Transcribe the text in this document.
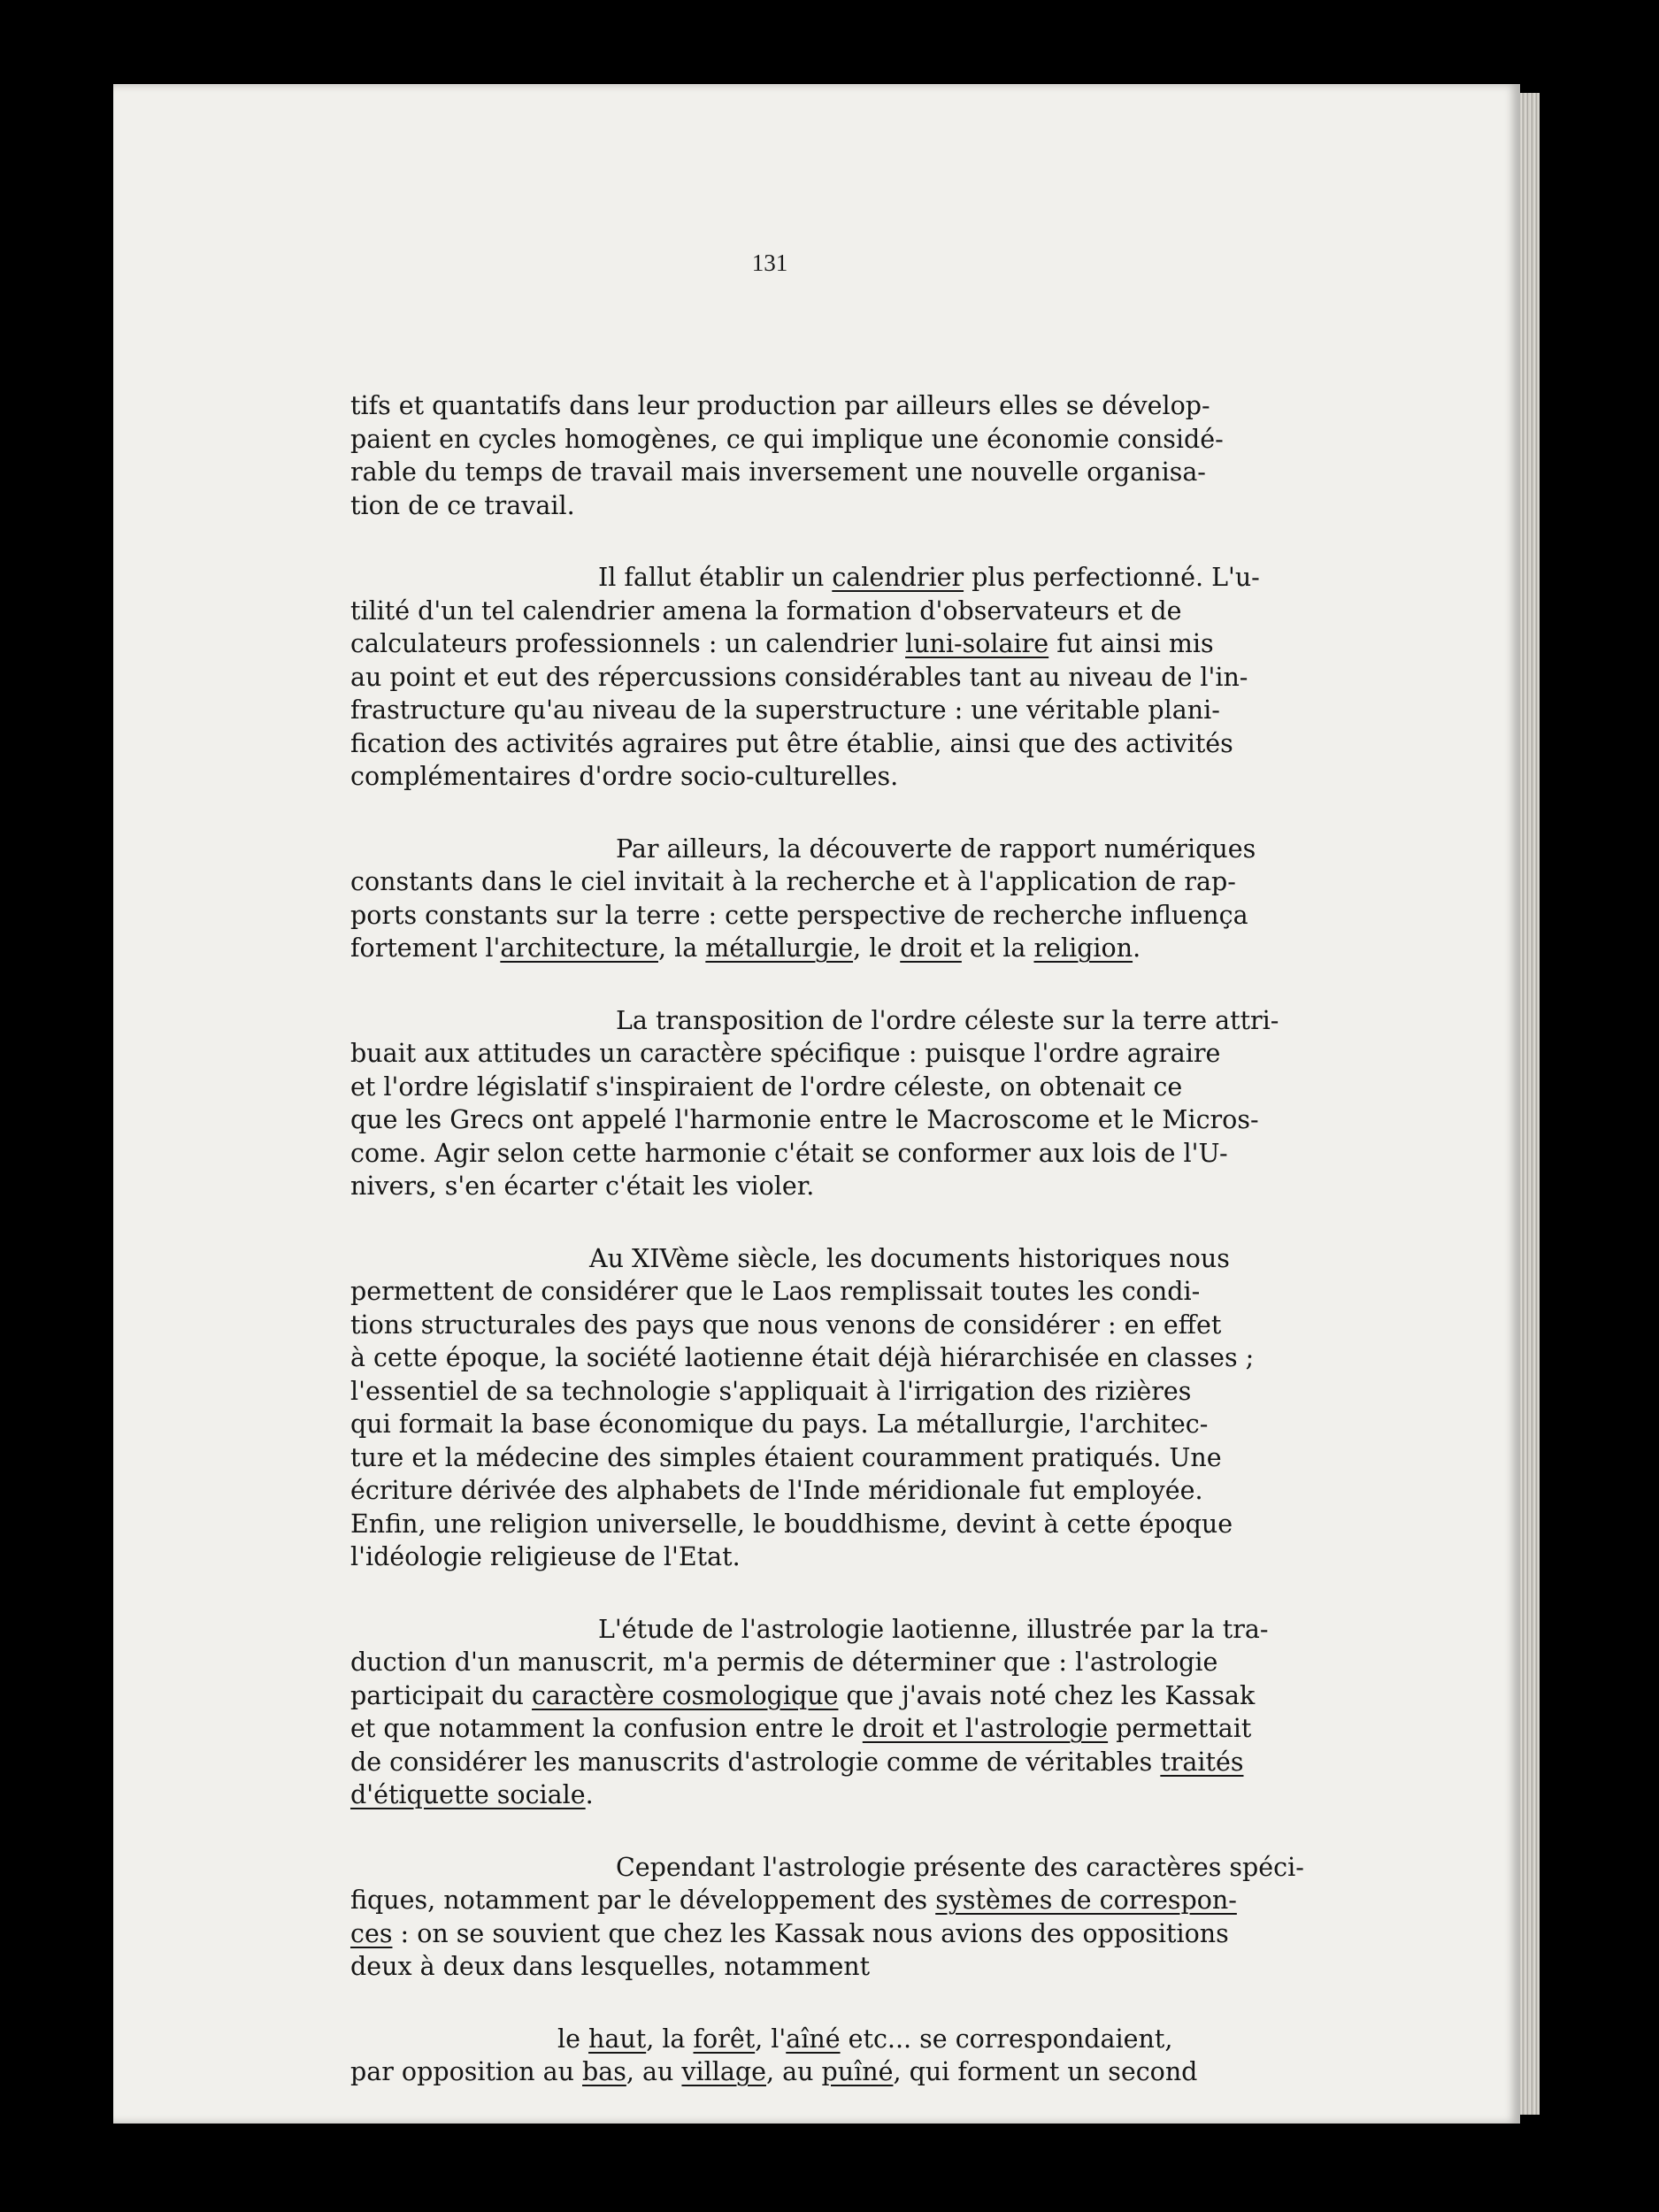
131
tifs et quantatifs dans leur production par ailleurs elles se dévelop-
paient en cycles homogènes, ce qui implique une économie considé-
rable du temps de travail mais inversement une nouvelle organisa-
tion de ce travail.
Il fallut établir un calendrier plus perfectionné. L'u-
tilité d'un tel calendrier amena la formation d'observateurs et de
calculateurs professionnels : un calendrier luni-solaire fut ainsi mis
au point et eut des répercussions considérables tant au niveau de l'in-
frastructure qu'au niveau de la superstructure : une véritable plani-
fication des activités agraires put être établie, ainsi que des activités
complémentaires d'ordre socio-culturelles.
Par ailleurs, la découverte de rapport numériques
constants dans le ciel invitait à la recherche et à l'application de rap-
ports constants sur la terre : cette perspective de recherche influença
fortement l'architecture, la métallurgie, le droit et la religion.
La transposition de l'ordre céleste sur la terre attri-
buait aux attitudes un caractère spécifique : puisque l'ordre agraire
et l'ordre législatif s'inspiraient de l'ordre céleste, on obtenait ce
que les Grecs ont appelé l'harmonie entre le Macroscome et le Micros-
come. Agir selon cette harmonie c'était se conformer aux lois de l'U-
nivers, s'en écarter c'était les violer.
Au XIVème siècle, les documents historiques nous
permettent de considérer que le Laos remplissait toutes les condi-
tions structurales des pays que nous venons de considérer : en effet
à cette époque, la société laotienne était déjà hiérarchisée en classes ;
l'essentiel de sa technologie s'appliquait à l'irrigation des rizières
qui formait la base économique du pays. La métallurgie, l'architec-
ture et la médecine des simples étaient couramment pratiqués. Une
écriture dérivée des alphabets de l'Inde méridionale fut employée.
Enfin, une religion universelle, le bouddhisme, devint à cette époque
l'idéologie religieuse de l'Etat.
L'étude de l'astrologie laotienne, illustrée par la tra-
duction d'un manuscrit, m'a permis de déterminer que : l'astrologie
participait du caractère cosmologique que j'avais noté chez les Kassak
et que notamment la confusion entre le droit et l'astrologie permettait
de considérer les manuscrits d'astrologie comme de véritables traités
d'étiquette sociale.
Cependant l'astrologie présente des caractères spéci-
fiques, notamment par le développement des systèmes de correspon-
ces : on se souvient que chez les Kassak nous avions des oppositions
deux à deux dans lesquelles, notamment
le haut, la forêt, l'aîné etc... se correspondaient,
par opposition au bas, au village, au puîné, qui forment un second
